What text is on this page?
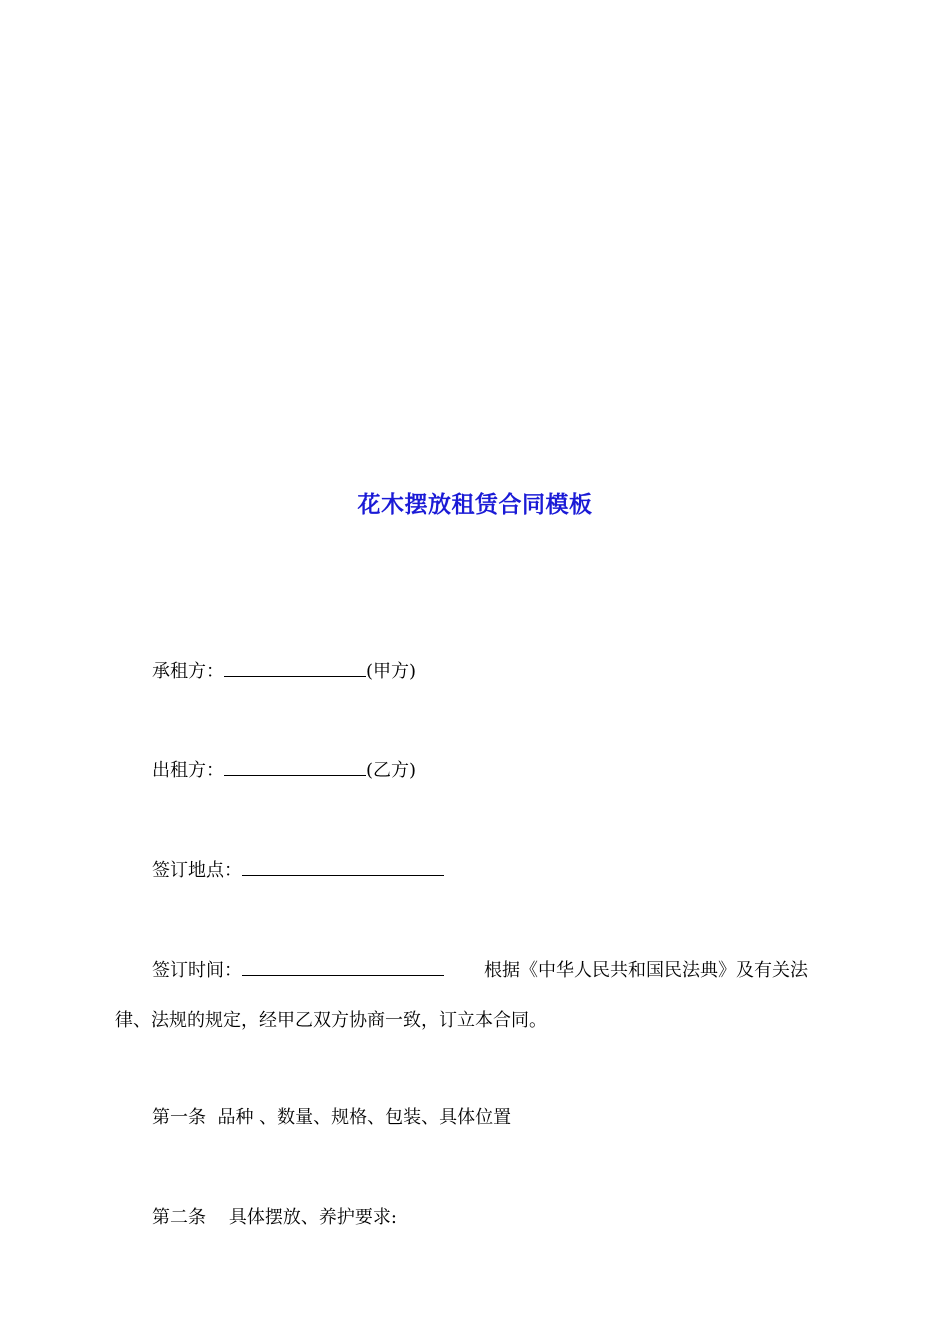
花木摆放租赁合同模板
承租方：	(甲方)
出租方：	(乙方)
签订地点：
签订时间：	根据《中华人民共和国民法典》及有关法
律、法规的规定，经甲乙双方协商一致，订立本合同。
第一条  品种 、数量、规格、包装、具体位置
第二条    具体摆放、养护要求:
